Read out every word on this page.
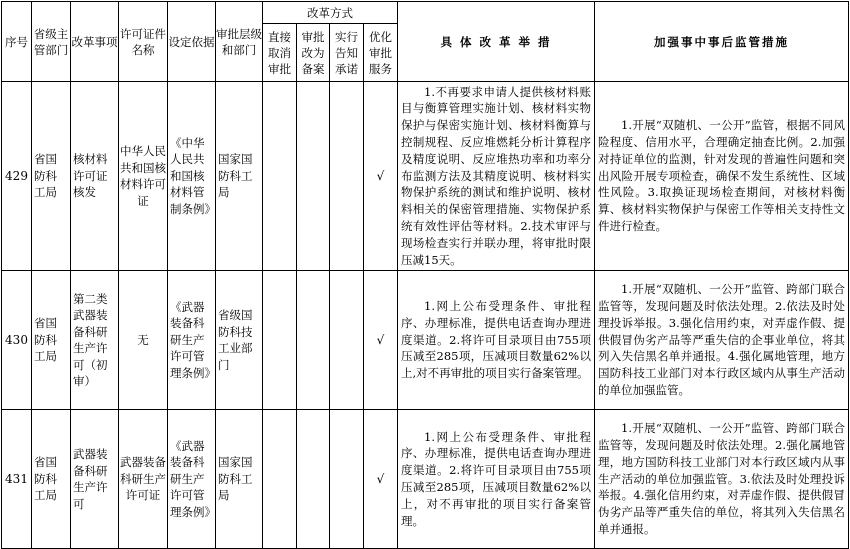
序号	省级主管部门	改革事项	许可证件名称	设定依据	审批层级和部门	改革方式				具 体 改 革 举 措	加强事中事后监管措施
						直接取消审批	审批改为备案	实行告知承诺	优化审批服务		
429	省国防科工局	核材料许可证核发	中华人民共和国核材料许可证	《中华人民共和国核材料管制条例》	国家国防科工局				√	1.不再要求申请人提供核材料账目与衡算管理实施计划、核材料实物保护与保密实施计划、核材料衡算与控制规程、反应堆燃耗分析计算程序及精度说明、反应堆热功率和功率分布监测方法及其精度说明、核材料实物保护系统的测试和维护说明、核材料相关的保密管理措施、实物保护系统有效性评估等材料。2.技术审评与现场检查实行并联办理，将审批时限压减15天。	1.开展“双随机、一公开”监管，根据不同风险程度、信用水平，合理确定抽查比例。2.加强对持证单位的监测，针对发现的普遍性问题和突出风险开展专项检查，确保不发生系统性、区域性风险。3.取换证现场检查期间，对核材料衡算、核材料实物保护与保密工作等相关支持性文件进行检查。
430	省国防科工局	第二类武器装备科研生产许可（初审）	无	《武器装备科研生产许可管理条例》	省级国防科技工业部门				√	1.网上公布受理条件、审批程序、办理标准，提供电话查询办理进度渠道。2.将许可目录项目由755项压减至285项，压减项目数量62%以上,对不再审批的项目实行备案管理。	1.开展“双随机、一公开”监管、跨部门联合监管等，发现问题及时依法处理。2.依法及时处理投诉举报。3.强化信用约束，对弄虚作假、提供假冒伪劣产品等严重失信的企事业单位，将其列入失信黑名单并通报。4.强化属地管理，地方国防科技工业部门对本行政区域内从事生产活动的单位加强监管。
431	省国防科工局	武器装备科研生产许可	武器装备科研生产许可证	《武器装备科研生产许可管理条例》	国家国防科工局				√	1.网上公布受理条件、审批程序、办理标准，提供电话查询办理进度渠道。2.将许可目录项目由755项压减至285项，压减项目数量62%以上，对不再审批的项目实行备案管理。	1.开展“双随机、一公开”监管、跨部门联合监管等，发现问题及时依法处理。2.强化属地管理，地方国防科技工业部门对本行政区域内从事生产活动的单位加强监管。3.依法及时处理投诉举报。4.强化信用约束，对弄虚作假、提供假冒伪劣产品等严重失信的单位，将其列入失信黑名单并通报。
